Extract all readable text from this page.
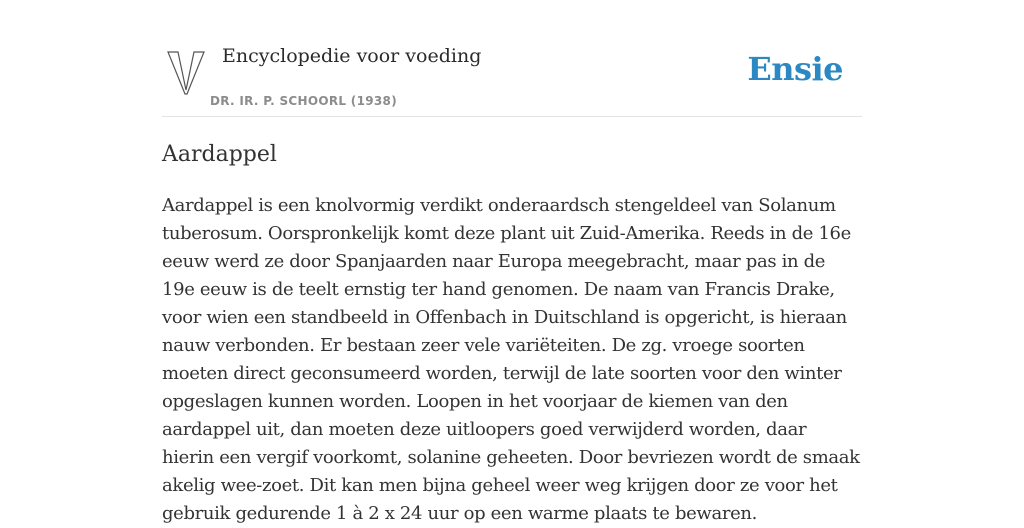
Encyclopedie voor voeding
DR. IR. P. SCHOORL (1938)
Ensie
Aardappel

Aardappel is een knolvormig verdikt onderaardsch stengeldeel van Solanum tuberosum. Oorspronkelijk komt deze plant uit Zuid-Amerika. Reeds in de 16e eeuw werd ze door Spanjaarden naar Europa meegebracht, maar pas in de 19e eeuw is de teelt ernstig ter hand genomen. De naam van Francis Drake, voor wien een standbeeld in Offenbach in Duitschland is opgericht, is hieraan nauw verbonden. Er bestaan zeer vele variëteiten. De zg. vroege soorten moeten direct geconsumeerd worden, terwijl de late soorten voor den winter opgeslagen kunnen worden. Loopen in het voorjaar de kiemen van den aardappel uit, dan moeten deze uitloopers goed verwijderd worden, daar hierin een vergif voorkomt, solanine geheeten. Door bevriezen wordt de smaak akelig wee-zoet. Dit kan men bijna geheel weer weg krijgen door ze voor het gebruik gedurende 1 à 2 x 24 uur op een warme plaats te bewaren.
